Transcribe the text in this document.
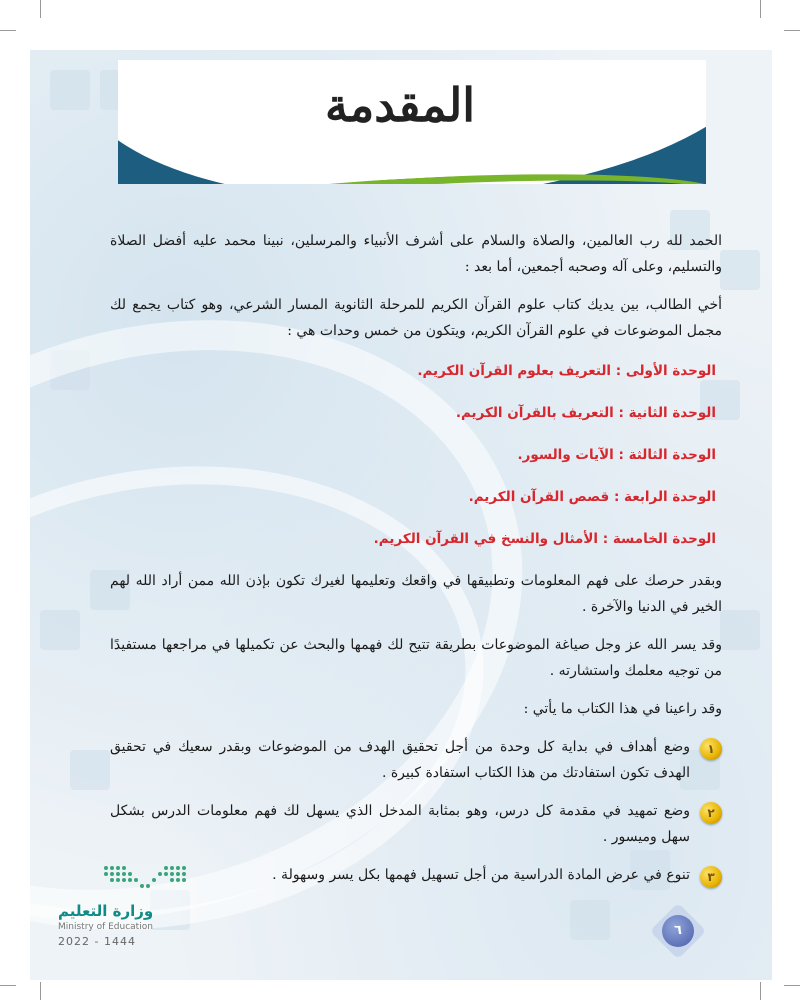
المقدمة

الحمد لله رب العالمين، والصلاة والسلام على أشرف الأنبياء والمرسلين، نبينا محمد عليه أفضل الصلاة والتسليم، وعلى آله وصحبه أجمعين، أما بعد :

أخي الطالب، بين يديك كتاب علوم القرآن الكريم للمرحلة الثانوية المسار الشرعي، وهو كتاب يجمع لك مجمل الموضوعات في علوم القرآن الكريم، ويتكون من خمس وحدات هي :

الوحدة الأولى : التعريف بعلوم القرآن الكريم.
الوحدة الثانية : التعريف بالقرآن الكريم.
الوحدة الثالثة : الآيات والسور.
الوحدة الرابعة : قصص القرآن الكريم.
الوحدة الخامسة : الأمثال والنسخ في القرآن الكريم.

وبقدر حرصك على فهم المعلومات وتطبيقها في واقعك وتعليمها لغيرك تكون بإذن الله ممن أراد الله لهم الخير في الدنيا والآخرة .

وقد يسر الله عز وجل صياغة الموضوعات بطريقة تتيح لك فهمها والبحث عن تكميلها في مراجعها مستفيدًا من توجيه معلمك واستشارته .

وقد راعينا في هذا الكتاب ما يأتي :

١
وضع أهداف في بداية كل وحدة من أجل تحقيق الهدف من الموضوعات وبقدر سعيك في تحقيق الهدف تكون استفادتك من هذا الكتاب استفادة كبيرة .
٢
وضع تمهيد في مقدمة كل درس، وهو بمثابة المدخل الذي يسهل لك فهم معلومات الدرس بشكل سهل وميسور .
٣
تنوع في عرض المادة الدراسية من أجل تسهيل فهمها بكل يسر وسهولة .
وزارة التعليم
Ministry of Education
2022 - 1444
٦
